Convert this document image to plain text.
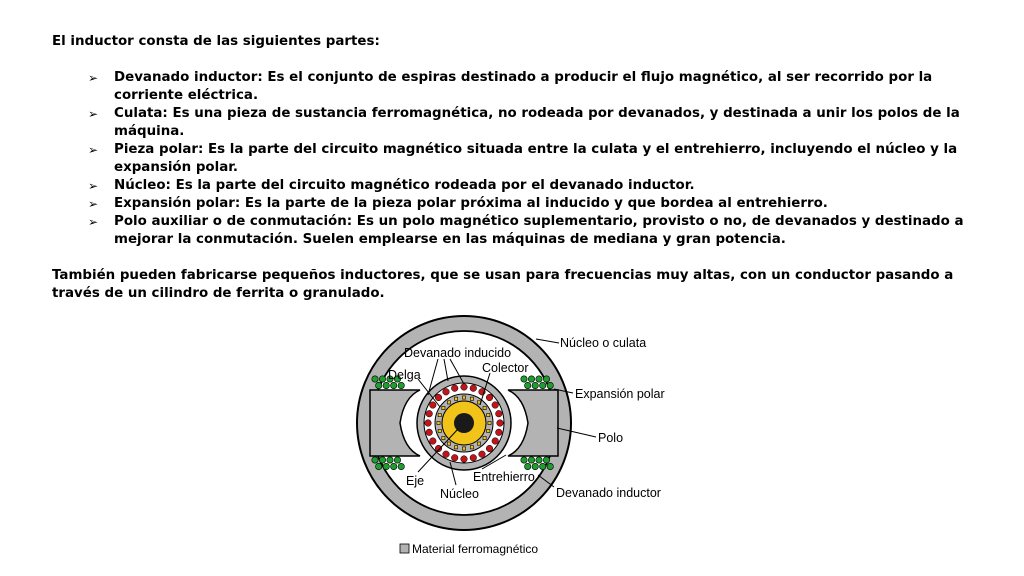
El inductor consta de las siguientes partes:

➢ Devanado inductor: Es el conjunto de espiras destinado a producir el flujo magnético, al ser recorrido por la corriente eléctrica.
➢ Culata: Es una pieza de sustancia ferromagnética, no rodeada por devanados, y destinada a unir los polos de la máquina.
➢ Pieza polar: Es la parte del circuito magnético situada entre la culata y el entrehierro, incluyendo el núcleo y la expansión polar.
➢ Núcleo: Es la parte del circuito magnético rodeada por el devanado inductor.
➢ Expansión polar: Es la parte de la pieza polar próxima al inducido y que bordea al entrehierro.
➢ Polo auxiliar o de conmutación: Es un polo magnético suplementario, provisto o no, de devanados y destinado a mejorar la conmutación. Suelen emplearse en las máquinas de mediana y gran potencia.

También pueden fabricarse pequeños inductores, que se usan para frecuencias muy altas, con un conductor pasando a través de un cilindro de ferrita o granulado.

Núcleo o culata
Devanado inducido
Colector
Delga
Expansión polar
Polo
Eje	Entrehierro
Núcleo	Devanado inductor
Material ferromagnético
